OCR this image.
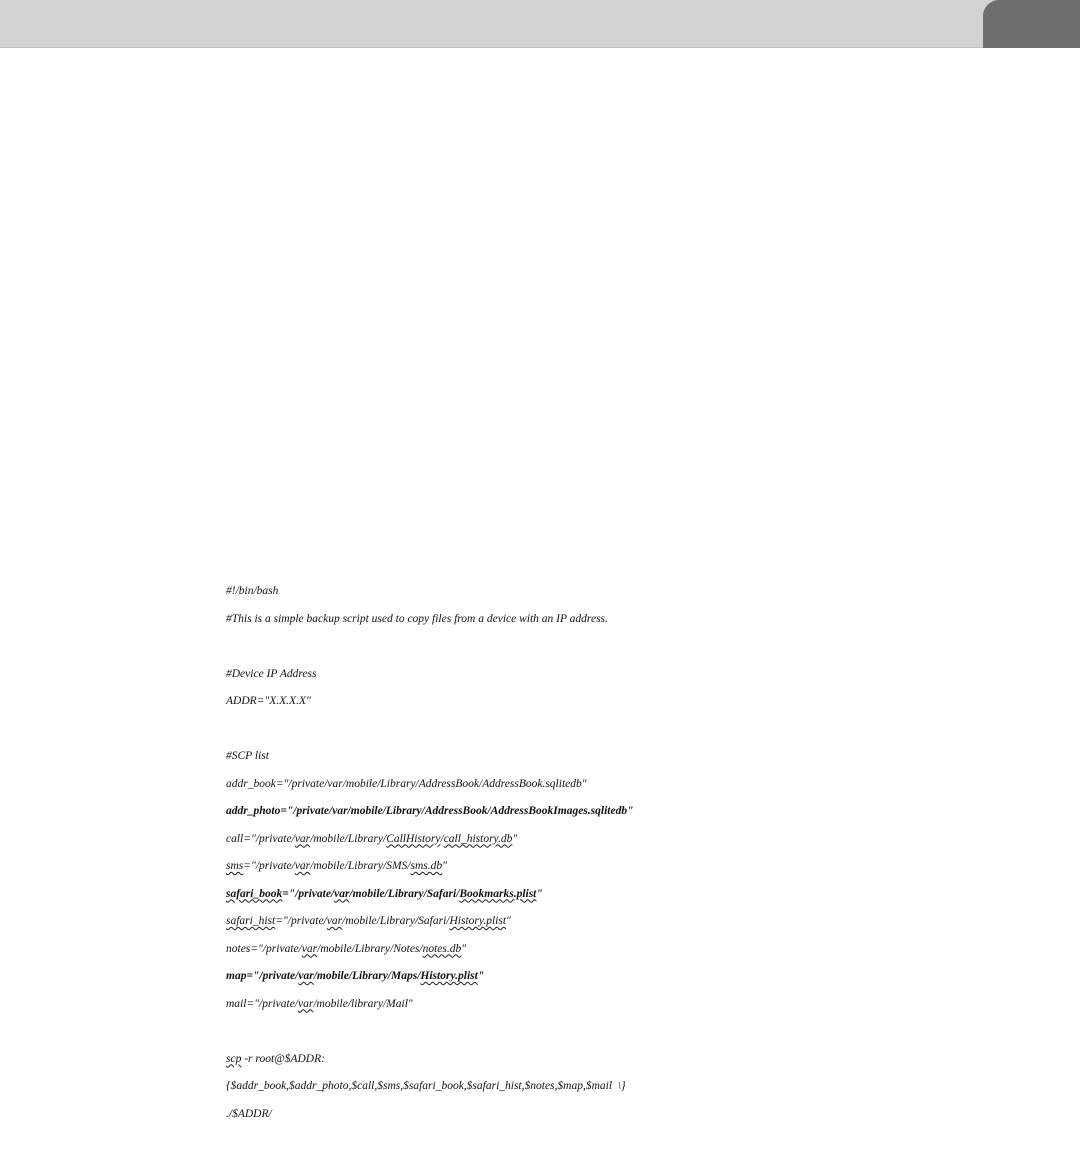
#!/bin/bash
#This is a simple backup script used to copy files from a device with an IP address.
#Device IP Address
ADDR="X.X.X.X"
#SCP list
addr_book="/private/var/mobile/Library/AddressBook/AddressBook.sqlitedb"
addr_photo="/private/var/mobile/Library/AddressBook/AddressBookImages.sqlitedb"
call="/private/var/mobile/Library/CallHistory/call_history.db"
sms="/private/var/mobile/Library/SMS/sms.db"
safari_book="/private/var/mobile/Library/Safari/Bookmarks.plist"
safari_hist="/private/var/mobile/Library/Safari/History.plist"
notes="/private/var/mobile/Library/Notes/notes.db"
map="/private/var/mobile/Library/Maps/History.plist"
mail="/private/var/mobile/library/Mail"
scp -r root@$ADDR:
{$addr_book,$addr_photo,$call,$sms,$safari_book,$safari_hist,$notes,$map,$mail  \}
./$ADDR/
